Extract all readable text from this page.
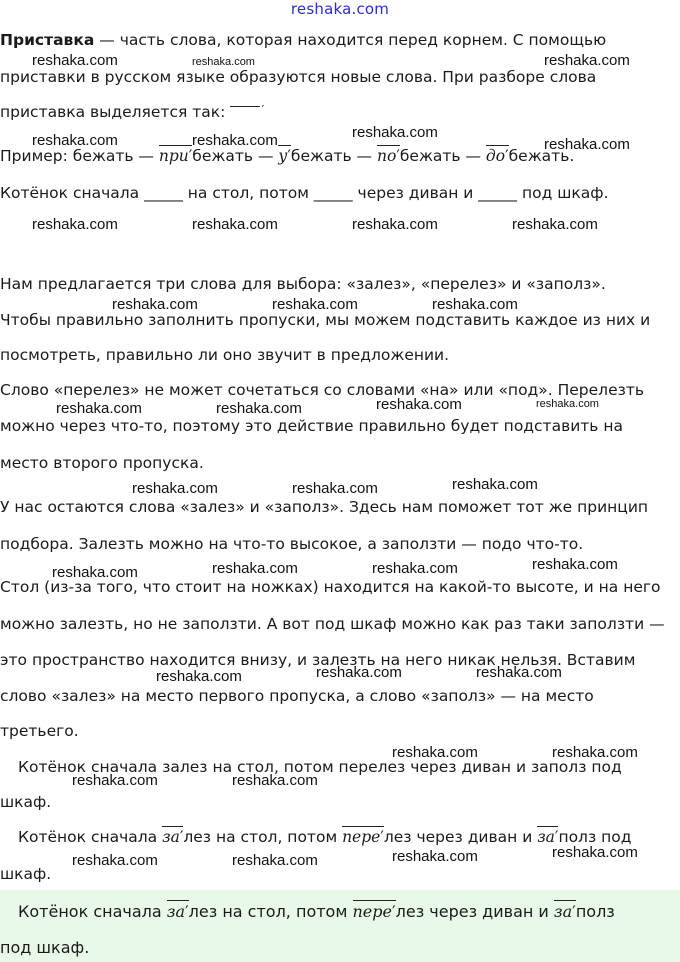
reshaka.com
Приставка — часть слова, которая находится перед корнем. С помощью
приставки в русском языке образуются новые слова. При разборе слова
приставка выделяется так: ′
Пример: бежать — при ′ бежать — у ′ бежать — по ′ бежать — до ′ бежать.
Котёнок сначала _____ на стол, потом _____ через диван и _____ под шкаф.
Нам предлагается три слова для выбора: «залез», «перелез» и «заполз».
Чтобы правильно заполнить пропуски, мы можем подставить каждое из них и
посмотреть, правильно ли оно звучит в предложении.
Слово «перелез» не может сочетаться со словами «на» или «под». Перелезть
можно через что-то, поэтому это действие правильно будет подставить на
место второго пропуска.
У нас остаются слова «залез» и «заполз». Здесь нам поможет тот же принцип
подбора. Залезть можно на что-то высокое, а заползти — подо что-то.
Стол (из-за того, что стоит на ножках) находится на какой-то высоте, и на него
можно залезть, но не заползти. А вот под шкаф можно как раз таки заползти —
это пространство находится внизу, и залезть на него никак нельзя. Вставим
слово «залез» на место первого пропуска, а слово «заполз» — на место
третьего.
Котёнок сначала залез на стол, потом перелез через диван и заполз под
шкаф.
Котёнок сначала за ′ лез на стол, потом пере ′ лез через диван и за ′ полз под
шкаф.
Котёнок сначала за ′ лез на стол, потом пере ′ лез через диван и за ′ полз
под шкаф.
reshaka.com	reshaka.com	reshaka.com
reshaka.com	reshaka.com	reshaka.com
reshaka.com
reshaka.com	reshaka.com	reshaka.com	reshaka.com
reshaka.com	reshaka.com	reshaka.com
reshaka.com	reshaka.com	reshaka.com	reshaka.com
reshaka.com	reshaka.com	reshaka.com
reshaka.com	reshaka.com	reshaka.com	reshaka.com
reshaka.com	reshaka.com	reshaka.com
reshaka.com	reshaka.com
reshaka.com	reshaka.com
reshaka.com	reshaka.com	reshaka.com	reshaka.com
